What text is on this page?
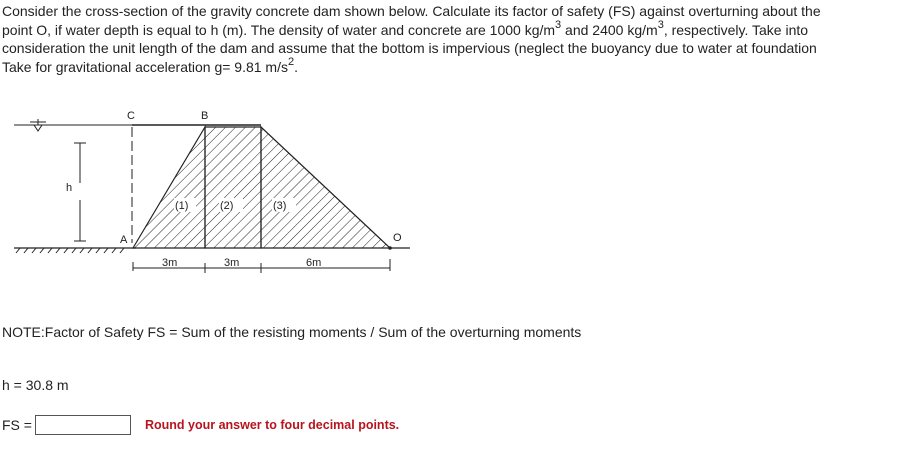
Consider the cross-section of the gravity concrete dam shown below. Calculate its factor of safety (FS) against overturning about the
point O, if water depth is equal to h (m). The density of water and concrete are 1000 $kg/m^3$ and 2400 $kg/m^3$, respectively. Take into
consideration the unit length of the dam and assume that the bottom is impervious (neglect the buoyancy due to water at foundation
Take for gravitational acceleration g= 9.81 $m/s^2$.
h
(1)	(2)	(3)
C	B
A	O
3m	3m	6m
NOTE:Factor of Safety FS = Sum of the resisting moments / Sum of the overturning moments
h = 30.8 m
FS =	Round your answer to four decimal points.
